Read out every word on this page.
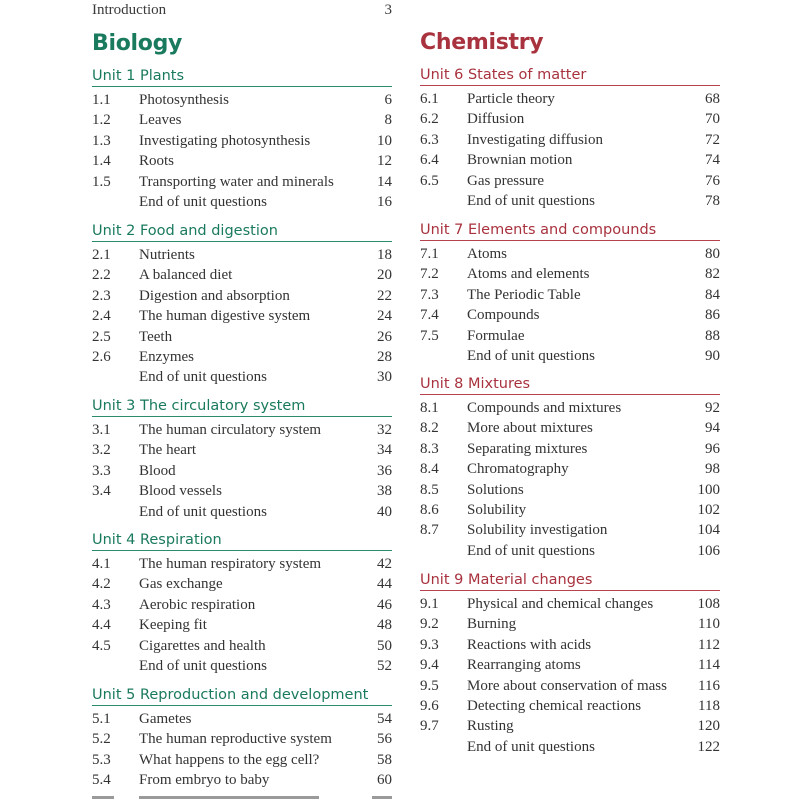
Introduction	3
Biology
Unit 1 Plants
1.1 Photosynthesis	6
1.2 Leaves	8
1.3 Investigating photosynthesis	10
1.4 Roots	12
1.5 Transporting water and minerals	14
End of unit questions	16
Unit 2 Food and digestion
2.1 Nutrients	18
2.2 A balanced diet	20
2.3 Digestion and absorption	22
2.4 The human digestive system	24
2.5 Teeth	26
2.6 Enzymes	28
End of unit questions	30
Unit 3 The circulatory system
3.1 The human circulatory system	32
3.2 The heart	34
3.3 Blood	36
3.4 Blood vessels	38
End of unit questions	40
Unit 4 Respiration
4.1 The human respiratory system	42
4.2 Gas exchange	44
4.3 Aerobic respiration	46
4.4 Keeping fit	48
4.5 Cigarettes and health	50
End of unit questions	52
Unit 5 Reproduction and development
5.1 Gametes	54
5.2 The human reproductive system	56
5.3 What happens to the egg cell?	58
5.4 From embryo to baby	60
Chemistry
Unit 6 States of matter
6.1 Particle theory	68
6.2 Diffusion	70
6.3 Investigating diffusion	72
6.4 Brownian motion	74
6.5 Gas pressure	76
End of unit questions	78
Unit 7 Elements and compounds
7.1 Atoms	80
7.2 Atoms and elements	82
7.3 The Periodic Table	84
7.4 Compounds	86
7.5 Formulae	88
End of unit questions	90
Unit 8 Mixtures
8.1 Compounds and mixtures	92
8.2 More about mixtures	94
8.3 Separating mixtures	96
8.4 Chromatography	98
8.5 Solutions	100
8.6 Solubility	102
8.7 Solubility investigation	104
End of unit questions	106
Unit 9 Material changes
9.1 Physical and chemical changes	108
9.2 Burning	110
9.3 Reactions with acids	112
9.4 Rearranging atoms	114
9.5 More about conservation of mass 116
9.6 Detecting chemical reactions	118
9.7 Rusting	120
End of unit questions	122
